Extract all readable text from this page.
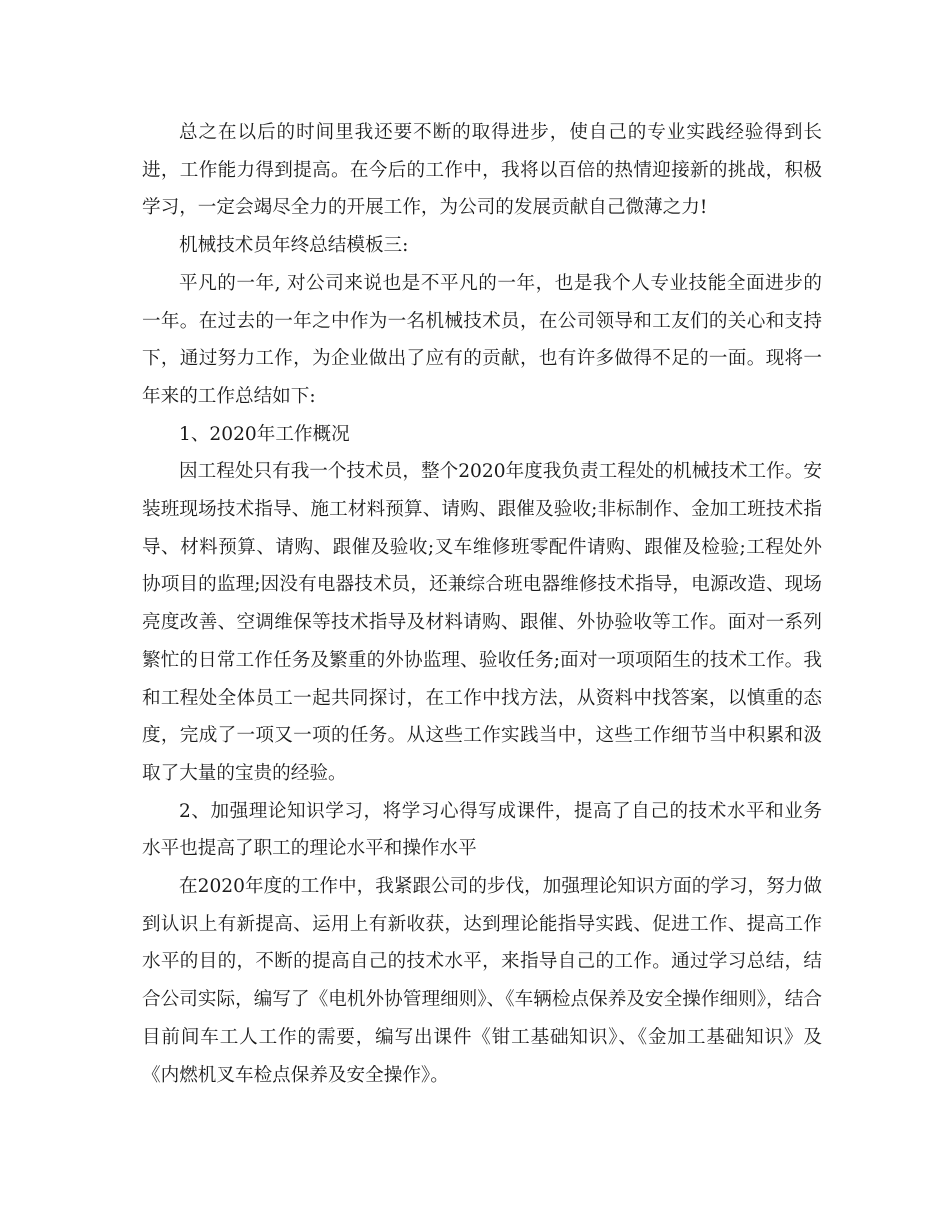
总之在以后的时间里我还要不断的取得进步，使自己的专业实践经验得到长进，工作能力得到提高。在今后的工作中，我将以百倍的热情迎接新的挑战，积极学习，一定会竭尽全力的开展工作，为公司的发展贡献自己微薄之力!

机械技术员年终总结模板三:

平凡的一年, 对公司来说也是不平凡的一年，也是我个人专业技能全面进步的一年。在过去的一年之中作为一名机械技术员，在公司领导和工友们的关心和支持下，通过努力工作，为企业做出了应有的贡献，也有许多做得不足的一面。现将一年来的工作总结如下:

1、2020年工作概况

因工程处只有我一个技术员，整个2020年度我负责工程处的机械技术工作。安装班现场技术指导、施工材料预算、请购、跟催及验收;非标制作、金加工班技术指导、材料预算、请购、跟催及验收;叉车维修班零配件请购、跟催及检验;工程处外协项目的监理;因没有电器技术员，还兼综合班电器维修技术指导，电源改造、现场亮度改善、空调维保等技术指导及材料请购、跟催、外协验收等工作。面对一系列繁忙的日常工作任务及繁重的外协监理、验收任务;面对一项项陌生的技术工作。我和工程处全体员工一起共同探讨，在工作中找方法，从资料中找答案，以慎重的态度，完成了一项又一项的任务。从这些工作实践当中，这些工作细节当中积累和汲取了大量的宝贵的经验。

2、加强理论知识学习，将学习心得写成课件，提高了自己的技术水平和业务水平也提高了职工的理论水平和操作水平

在2020年度的工作中，我紧跟公司的步伐，加强理论知识方面的学习，努力做到认识上有新提高、运用上有新收获，达到理论能指导实践、促进工作、提高工作水平的目的，不断的提高自己的技术水平，来指导自己的工作。通过学习总结，结合公司实际，编写了《电机外协管理细则》、《车辆检点保养及安全操作细则》，结合目前间车工人工作的需要，编写出课件《钳工基础知识》、《金加工基础知识》及《内燃机叉车检点保养及安全操作》。
